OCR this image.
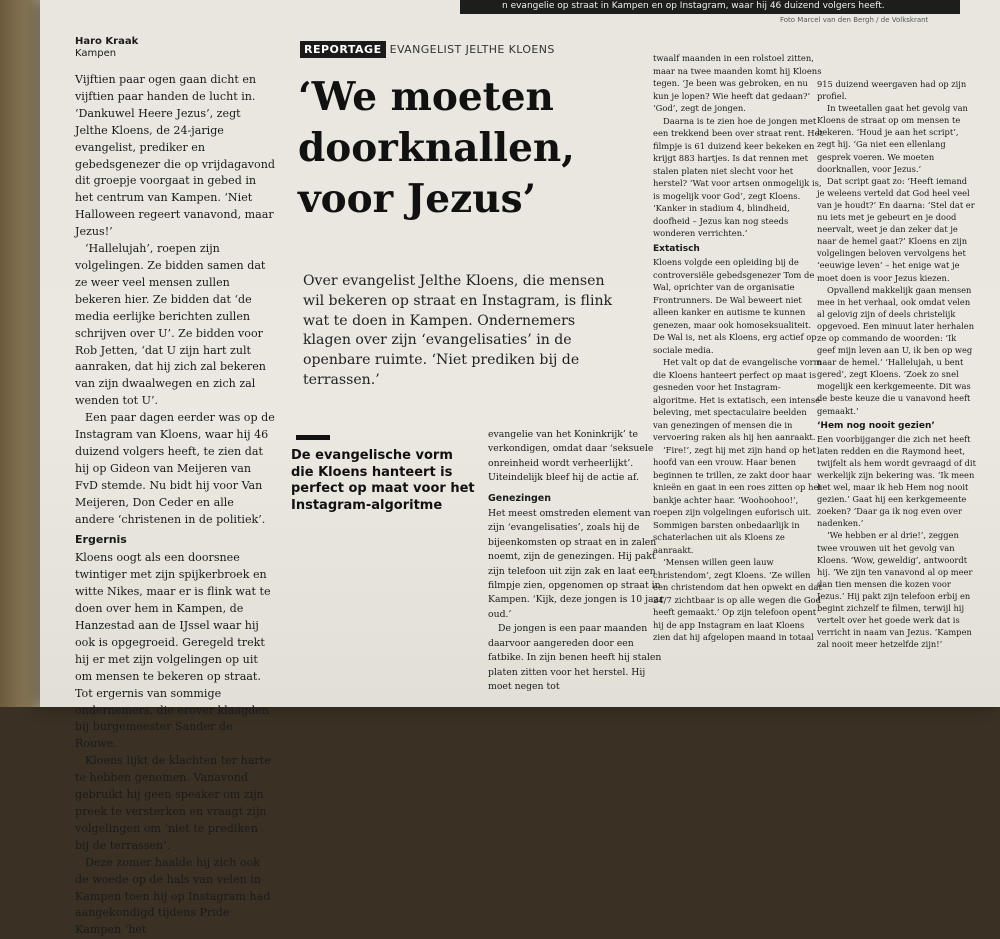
n evangelie op straat in Kampen en op Instagram, waar hij 46 duizend volgers heeft.
Foto Marcel van den Bergh / de Volkskrant
Haro Kraak
Kampen

Vijftien paar ogen gaan dicht en vijftien paar handen de lucht in. ‘Dankuwel Heere Jezus’, zegt Jelthe Kloens, de 24-jarige evangelist, prediker en gebedsgenezer die op vrijdagavond dit groepje voorgaat in gebed in het centrum van Kampen. ‘Niet Halloween regeert vanavond, maar Jezus!’

‘Hallelujah’, roepen zijn volgelingen. Ze bidden samen dat ze weer veel mensen zullen bekeren hier. Ze bidden dat ‘de media eerlijke berichten zullen schrijven over U’. Ze bidden voor Rob Jetten, ‘dat U zijn hart zult aanraken, dat hij zich zal bekeren van zijn dwaalwegen en zich zal wenden tot U’.

Een paar dagen eerder was op de Instagram van Kloens, waar hij 46 duizend volgers heeft, te zien dat hij op Gideon van Meijeren van FvD stemde. Nu bidt hij voor Van Meijeren, Don Ceder en alle andere ‘christenen in de politiek’.

Ergernis

Kloens oogt als een doorsnee twintiger met zijn spijkerbroek en witte Nikes, maar er is flink wat te doen over hem in Kampen, de Hanzestad aan de IJssel waar hij ook is opgegroeid. Geregeld trekt hij er met zijn volgelingen op uit om mensen te bekeren op straat. Tot ergernis van sommige ondernemers, die erover klaagden bij burgemeester Sander de Rouwe.

Kloens lijkt de klachten ter harte te hebben genomen. Vanavond gebruikt hij geen speaker om zijn preek te versterken en vraagt zijn volgelingen om ‘niet te prediken bij de terrassen’.

Deze zomer haalde hij zich ook de woede op de hals van velen in Kampen toen hij op Instagram had aangekondigd tijdens Pride Kampen ‘het

REPORTAGE EVANGELIST JELTHE KLOENS
‘We moeten doorknallen, voor Jezus’

Over evangelist Jelthe Kloens, die mensen wil bekeren op straat en Instagram, is flink wat te doen in Kampen. Ondernemers klagen over zijn ‘evangelisaties’ in de openbare ruimte. ‘Niet prediken bij de terrassen.’

De evangelische vorm die Kloens hanteert is perfect op maat voor het Instagram-algoritme

evangelie van het Koninkrijk’ te verkondigen, omdat daar ‘seksuele onreinheid wordt verheerlijkt’. Uiteindelijk bleef hij de actie af.

Genezingen

Het meest omstreden element van zijn ‘evangelisaties’, zoals hij de bijeenkomsten op straat en in zalen noemt, zijn de genezingen. Hij pakt zijn telefoon uit zijn zak en laat een filmpje zien, opgenomen op straat in Kampen. ‘Kijk, deze jongen is 10 jaar oud.’

De jongen is een paar maanden daarvoor aangereden door een fatbike. In zijn benen heeft hij stalen platen zitten voor het herstel. Hij moet negen tot

twaalf maanden in een rolstoel zitten, maar na twee maanden komt hij Kloens tegen. ‘Je been was gebroken, en nu kun je lopen? Wie heeft dat gedaan?’ ‘God’, zegt de jongen.

Daarna is te zien hoe de jongen met een trekkend been over straat rent. Het filmpje is 61 duizend keer bekeken en krijgt 883 hartjes. Is dat rennen met stalen platen niet slecht voor het herstel? ‘Wat voor artsen onmogelijk is, is mogelijk voor God’, zegt Kloens. ‘Kanker in stadium 4, blindheid, doofheid – Jezus kan nog steeds wonderen verrichten.’

Extatisch

Kloens volgde een opleiding bij de controversiële gebedsgenezer Tom de Wal, oprichter van de organisatie Frontrunners. De Wal beweert niet alleen kanker en autisme te kunnen genezen, maar ook homoseksualiteit. De Wal is, net als Kloens, erg actief op sociale media.

Het valt op dat de evangelische vorm die Kloens hanteert perfect op maat is gesneden voor het Instagram-algoritme. Het is extatisch, een intense beleving, met spectaculaire beelden van genezingen of mensen die in vervoering raken als hij hen aanraakt.

‘Fire!’, zegt hij met zijn hand op het hoofd van een vrouw. Haar benen beginnen te trillen, ze zakt door haar knieën en gaat in een roes zitten op het bankje achter haar. ‘Woohoohoo!’, roepen zijn volgelingen euforisch uit. Sommigen barsten onbedaarlijk in schaterlachen uit als Kloens ze aanraakt.

‘Mensen willen geen lauw christendom’, zegt Kloens. ‘Ze willen een christendom dat hen opwekt en dat 24/7 zichtbaar is op alle wegen die God heeft gemaakt.’ Op zijn telefoon opent hij de app Instagram en laat Kloens zien dat hij afgelopen maand in totaal

915 duizend weergaven had op zijn profiel.

In tweetallen gaat het gevolg van Kloens de straat op om mensen te bekeren. ‘Houd je aan het script’, zegt hij. ‘Ga niet een ellenlang gesprek voeren. We moeten doorknallen, voor Jezus.’

Dat script gaat zo: ‘Heeft iemand je weleens verteld dat God heel veel van je houdt?’ En daarna: ‘Stel dat er nu iets met je gebeurt en je dood neervalt, weet je dan zeker dat je naar de hemel gaat?’ Kloens en zijn volgelingen beloven vervolgens het ‘eeuwige leven’ – het enige wat je moet doen is voor Jezus kiezen.

Opvallend makkelijk gaan mensen mee in het verhaal, ook omdat velen al gelovig zijn of deels christelijk opgevoed. Een minuut later herhalen ze op commando de woorden: ‘Ik geef mijn leven aan U, ik ben op weg naar de hemel.’ ‘Hallelujah, u bent gered’, zegt Kloens. ‘Zoek zo snel mogelijk een kerkgemeente. Dit was de beste keuze die u vanavond heeft gemaakt.’

‘Hem nog nooit gezien’

Een voorbijganger die zich net heeft laten redden en die Raymond heet, twijfelt als hem wordt gevraagd of dit werkelijk zijn bekering was. ‘Ik meen het wel, maar ik heb Hem nog nooit gezien.’ Gaat hij een kerkgemeente zoeken? ‘Daar ga ik nog even over nadenken.’

‘We hebben er al drie!’, zeggen twee vrouwen uit het gevolg van Kloens. ‘Wow, geweldig’, antwoordt hij. ‘We zijn ten vanavond al op meer dan tien mensen die kozen voor Jezus.’ Hij pakt zijn telefoon erbij en begint zichzelf te filmen, terwijl hij vertelt over het goede werk dat is verricht in naam van Jezus. ‘Kampen zal nooit meer hetzelfde zijn!’
